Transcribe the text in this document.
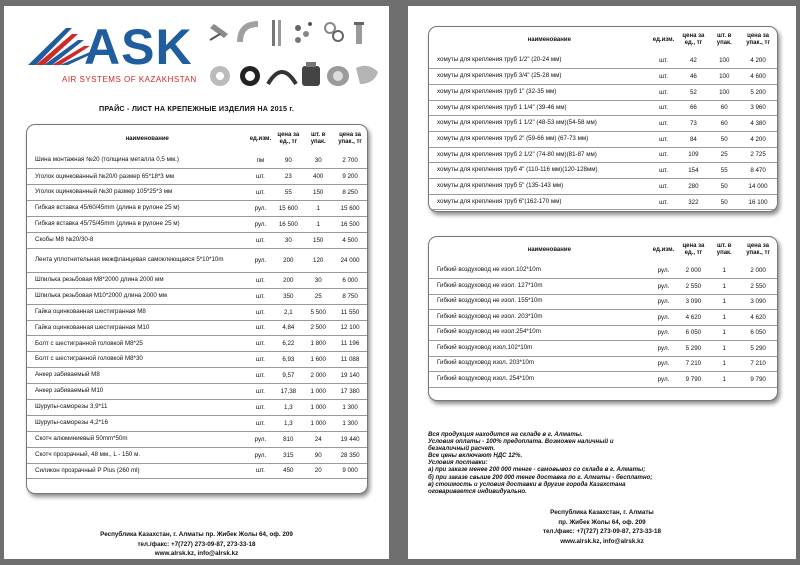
ASK
AIR SYSTEMS OF KAZAKHSTAN
ПРАЙС - ЛИСТ НА КРЕПЕЖНЫЕ ИЗДЕЛИЯ НА 2015 г.
наименование	ед.изм.	цена за ед., тг	шт. в упак.	цена за упак., тг
Шина монтажная №20 (толщина металла 0,5 мм.)	пм	90	30	2 700
Уголок оцинкованный №20/0 размер 65*18*3 мм	шт.	23	400	9 200
Уголок оцинкованный №30 размер 105*25*3 мм	шт.	55	150	8 250
Гибкая вставка 45/60/45mm (длина в рулоне 25 м)	рул.	15 600	1	15 600
Гибкая вставка 45/75/45mm (длина в рулоне 25 м)	рул.	16 500	1	16 500
Скобы М8 №20/30-8	шт.	30	150	4 500
Лента уплотнительная межфланцевая самоклеющаяся 5*10*10m	рул.	200	120	24 000
Шпилька резьбовая М8*2000 длина 2000 мм	шт.	200	30	6 000
Шпилька резьбовая М10*2000 длина 2000 мм	шт.	350	25	8 750
Гайка оцинкованная шестигранная М8	шт.	2,1	5 500	11 550
Гайка оцинкованная шестигранная М10	шт.	4,84	2 500	12 100
Болт с шестигранной головкой М8*25	шт.	6,22	1 800	11 196
Болт с шестигранной головкой М8*30	шт.	6,93	1 600	11 088
Анкер забиваемый М8	шт.	9,57	2 000	19 140
Анкер забиваемый М10	шт.	17,38	1 000	17 380
Шурупы-саморезы 3,9*11	шт.	1,3	1 000	1 300
Шурупы-саморезы 4,2*16	шт.	1,3	1 000	1 300
Скотч алюминиевый 50mm*50m	рул.	810	24	19 440
Скотч прозрачный, 48 мм., L - 150 м.	рул.	315	90	28 350
Силикон прозрачный P Plus (260 ml)	шт.	450	20	9 000
Республика Казахстан, г. Алматы пр. Жибек Жолы 64, оф. 209
тел./факс: +7(727) 273-09-87, 273-33-18
www.alrsk.kz, info@alrsk.kz
наименование	ед.изм.	цена за ед., тг	шт. в упак.	цена за упак., тг
хомуты для крепления труб 1/2" (20-24 мм)	шт.	42	100	4 200
хомуты для крепления труб 3/4" (25-28 мм)	шт.	46	100	4 600
хомуты для крепления труб 1" (32-35 мм)	шт.	52	100	5 200
хомуты для крепления труб 1 1/4" (39-46 мм)	шт.	66	60	3 960
хомуты для крепления труб 1 1/2" (48-53 мм)(54-58 мм)	шт.	73	60	4 380
хомуты для крепления труб 2" (59-66 мм) (67-73 мм)	шт.	84	50	4 200
хомуты для крепления труб 2 1/2" (74-80 мм)(81-87 мм)	шт.	109	25	2 725
хомуты для крепления труб 4" (110-116 мм)(120-128мм)	шт.	154	55	8 470
хомуты для крепления труб 5" (135-143 мм)	шт.	280	50	14 000
хомуты для крепления труб 6"(162-170 мм)	шт.	322	50	16 100
наименование	ед.изм.	цена за ед., тг	шт. в упак.	цена за упак., тг
Гибкий воздуховод не изол.102*10m	рул.	2 000	1	2 000
Гибкий воздуховод не изол. 127*10m	рул.	2 550	1	2 550
Гибкий воздуховод не изол. 155*10m	рул.	3 090	1	3 090
Гибкий воздуховод не изол. 203*10m	рул.	4 620	1	4 620
Гибкий воздуховод не изол.254*10m	рул.	6 050	1	6 050
Гибкий воздуховод изол.102*10m	рул.	5 290	1	5 290
Гибкий воздуховод изол. 203*10m	рул.	7 210	1	7 210
Гибкий воздуховод изол. 254*10m	рул.	9 790	1	9 790
Вся продукция находится на складе в г. Алматы.
Условия оплаты - 100% предоплата. Возможен наличный и
безналичный расчет.
Все цены включают НДС 12%.
Условия поставки:
а) при заказе менее 200 000 тенге - самовывоз со склада в г. Алматы;
б) при заказе свыше 200 000 тенге доставка по г. Алматы - бесплатно;
в) стоимость и условия доставки в другие города Казахстана
оговаривается индивидуально.
Республика Казахстан, г. Алматы
пр. Жибек Жолы 64, оф. 209
тел./факс: +7(727) 273-09-87, 273-33-18
www.alrsk.kz, info@alrsk.kz AvizInfo.kz
